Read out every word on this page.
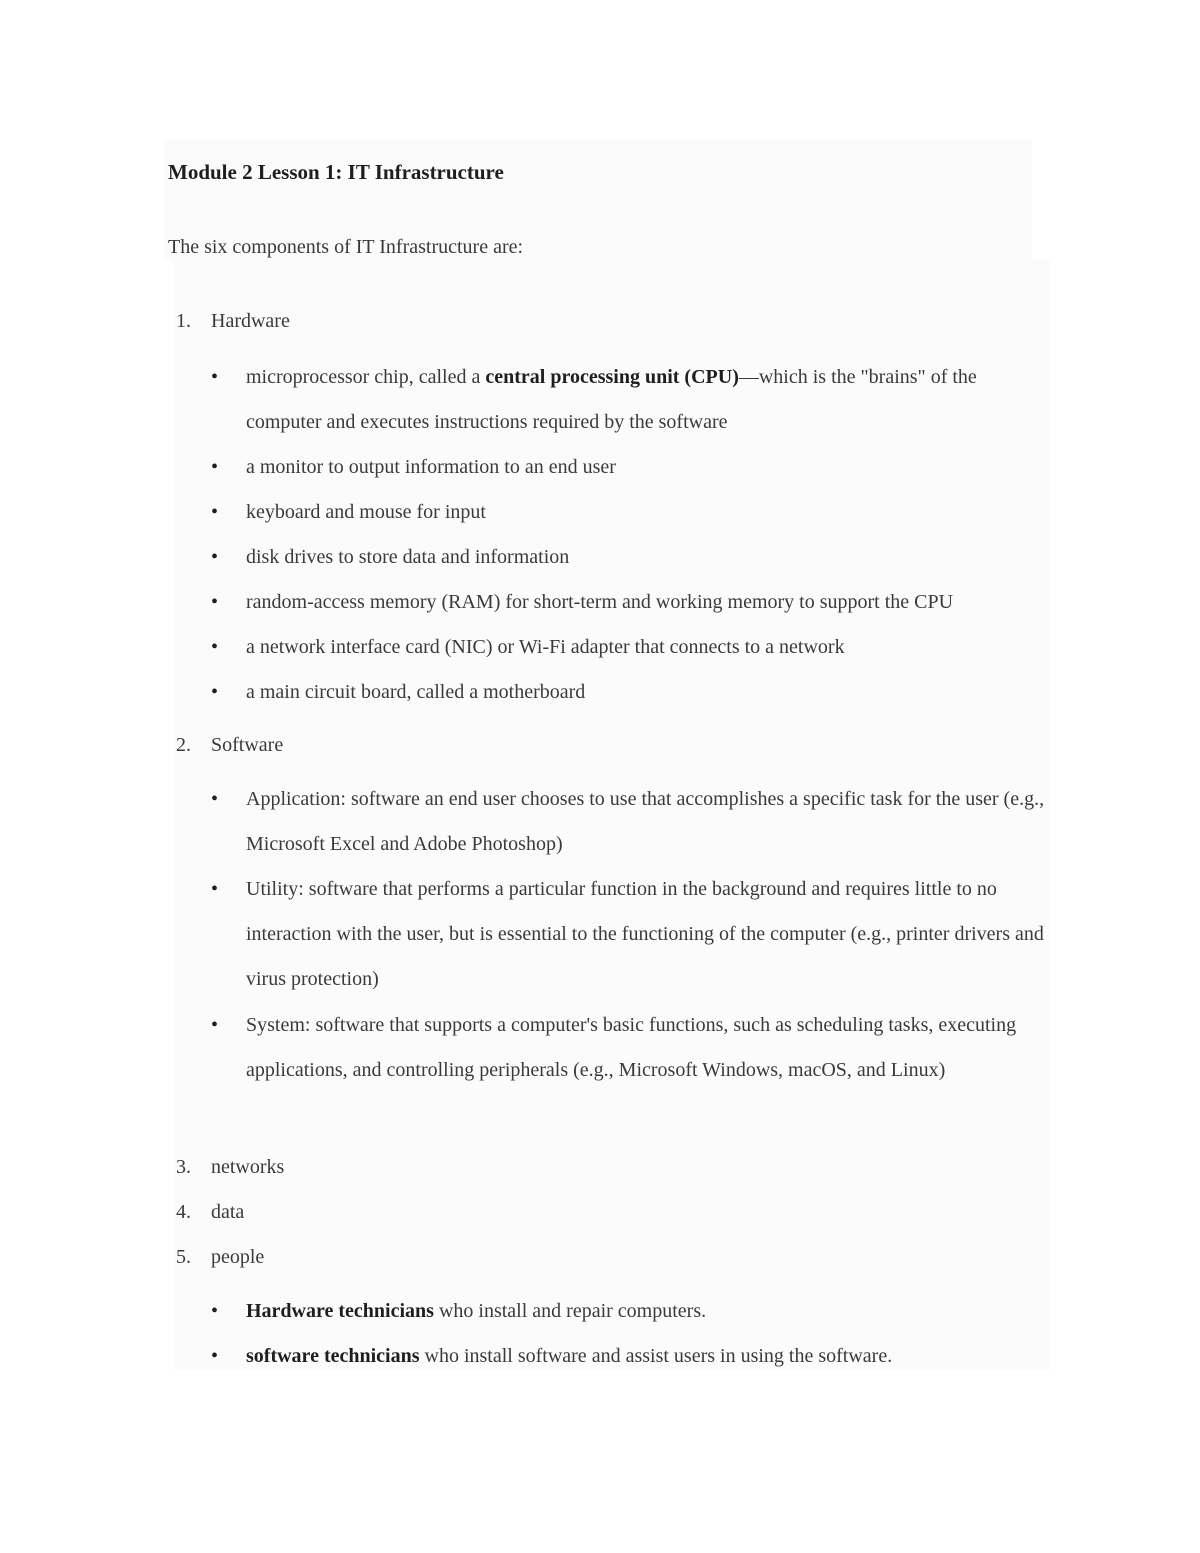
Module 2 Lesson 1: IT Infrastructure
The six components of IT Infrastructure are:
1. Hardware
• microprocessor chip, called a central processing unit (CPU)—which is the "brains" of the computer and executes instructions required by the software
• a monitor to output information to an end user
• keyboard and mouse for input
• disk drives to store data and information
• random-access memory (RAM) for short-term and working memory to support the CPU
• a network interface card (NIC) or Wi-Fi adapter that connects to a network
• a main circuit board, called a motherboard
2. Software
• Application: software an end user chooses to use that accomplishes a specific task for the user (e.g., Microsoft Excel and Adobe Photoshop)
• Utility: software that performs a particular function in the background and requires little to no interaction with the user, but is essential to the functioning of the computer (e.g., printer drivers and virus protection)
• System: software that supports a computer's basic functions, such as scheduling tasks, executing applications, and controlling peripherals (e.g., Microsoft Windows, macOS, and Linux)
3. networks
4. data
5. people
• Hardware technicians who install and repair computers.
• software technicians who install software and assist users in using the software.
